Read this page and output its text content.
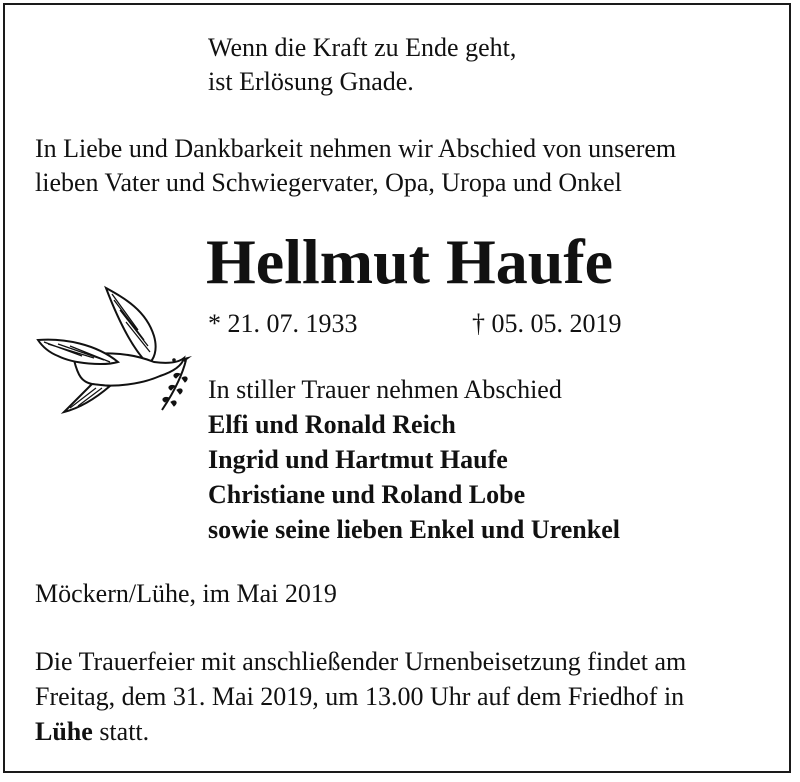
Wenn die Kraft zu Ende geht,

ist Erlösung Gnade.

In Liebe und Dankbarkeit nehmen wir Abschied von unserem

lieben Vater und Schwiegervater, Opa, Uropa und Onkel

Hellmut Haufe

* 21. 07. 1933	† 05. 05. 2019

In stiller Trauer nehmen Abschied

Elfi und Ronald Reich

Ingrid und Hartmut Haufe

Christiane und Roland Lobe

sowie seine lieben Enkel und Urenkel

Möckern/Lühe, im Mai 2019

Die Trauerfeier mit anschließender Urnenbeisetzung findet am

Freitag, dem 31. Mai 2019, um 13.00 Uhr auf dem Friedhof in

Lühe statt.
